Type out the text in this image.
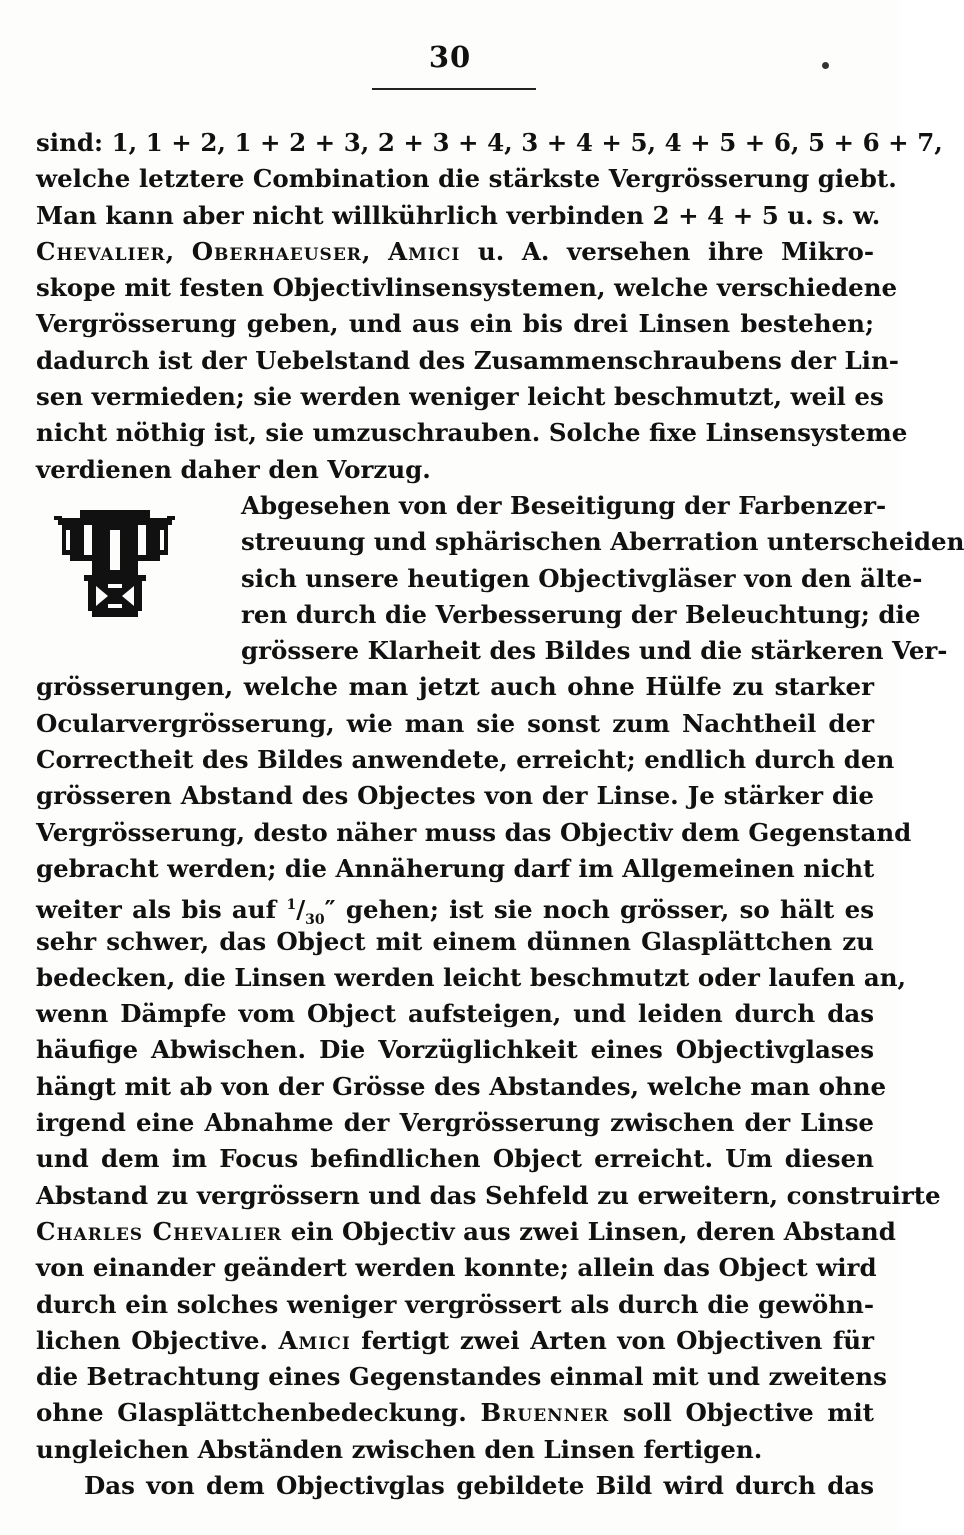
30
sind: 1, 1 + 2, 1 + 2 + 3, 2 + 3 + 4, 3 + 4 + 5, 4 + 5 + 6, 5 + 6 + 7,
welche letztere Combination die stärkste Vergrösserung giebt.
Man kann aber nicht willkührlich verbinden 2 + 4 + 5 u. s. w.
Chevalier, Oberhaeuser, Amici u. A. versehen ihre Mikro-
skope mit festen Objectivlinsensystemen, welche verschiedene
Vergrösserung geben, und aus ein bis drei Linsen bestehen;
dadurch ist der Uebelstand des Zusammenschraubens der Lin-
sen vermieden; sie werden weniger leicht beschmutzt, weil es
nicht nöthig ist, sie umzuschrauben. Solche fixe Linsensysteme
verdienen daher den Vorzug.
Abgesehen von der Beseitigung der Farbenzer-
streuung und sphärischen Aberration unterscheiden
sich unsere heutigen Objectivgläser von den älte-
ren durch die Verbesserung der Beleuchtung; die
grössere Klarheit des Bildes und die stärkeren Ver-
grösserungen, welche man jetzt auch ohne Hülfe zu starker
Ocularvergrösserung, wie man sie sonst zum Nachtheil der
Correctheit des Bildes anwendete, erreicht; endlich durch den
grösseren Abstand des Objectes von der Linse. Je stärker die
Vergrösserung, desto näher muss das Objectiv dem Gegenstand
gebracht werden; die Annäherung darf im Allgemeinen nicht
weiter als bis auf $^1/_{30}''$ gehen; ist sie noch grösser, so hält es
sehr schwer, das Object mit einem dünnen Glasplättchen zu
bedecken, die Linsen werden leicht beschmutzt oder laufen an,
wenn Dämpfe vom Object aufsteigen, und leiden durch das
häufige Abwischen. Die Vorzüglichkeit eines Objectivglases
hängt mit ab von der Grösse des Abstandes, welche man ohne
irgend eine Abnahme der Vergrösserung zwischen der Linse
und dem im Focus befindlichen Object erreicht. Um diesen
Abstand zu vergrössern und das Sehfeld zu erweitern, construirte
Charles Chevalier ein Objectiv aus zwei Linsen, deren Abstand
von einander geändert werden konnte; allein das Object wird
durch ein solches weniger vergrössert als durch die gewöhn-
lichen Objective. Amici fertigt zwei Arten von Objectiven für
die Betrachtung eines Gegenstandes einmal mit und zweitens
ohne Glasplättchenbedeckung. Bruenner soll Objective mit
ungleichen Abständen zwischen den Linsen fertigen.
Das von dem Objectivglas gebildete Bild wird durch das
